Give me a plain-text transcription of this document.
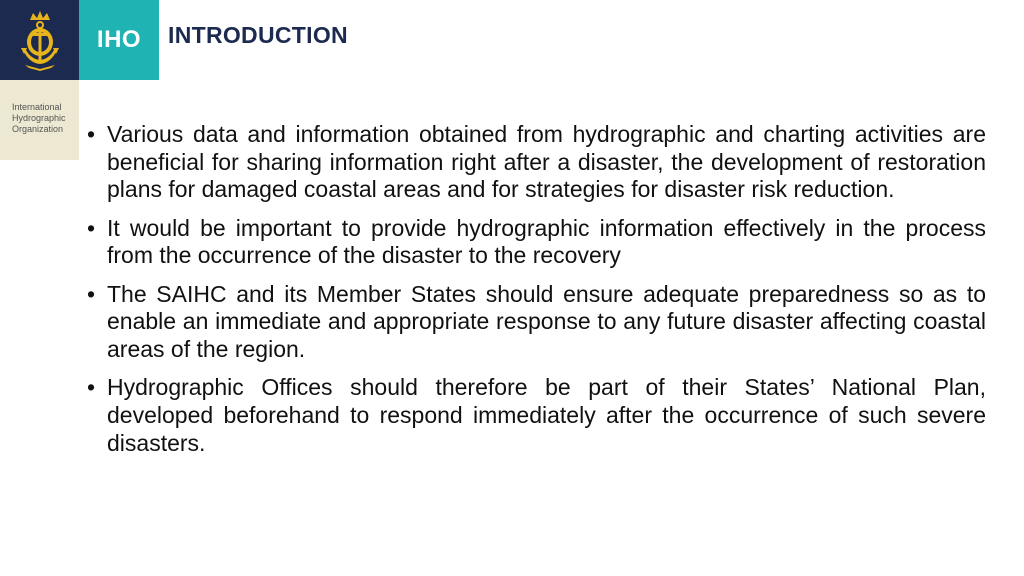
IHO	INTRODUCTION
International
Hydrographic
Organization
•	Various data and information obtained from hydrographic and charting activities are beneficial for sharing information right after a disaster, the development of restoration plans for damaged coastal areas and for strategies for disaster risk reduction.
• It would be important to provide hydrographic information effectively in the process from the occurrence of the disaster to the recovery
• The SAIHC and its Member States should ensure adequate preparedness so as to enable an immediate and appropriate response to any future disaster affecting coastal areas of the region.
• Hydrographic Offices should therefore be part of their States’ National Plan, developed beforehand to respond immediately after the occurrence of such severe disasters.
